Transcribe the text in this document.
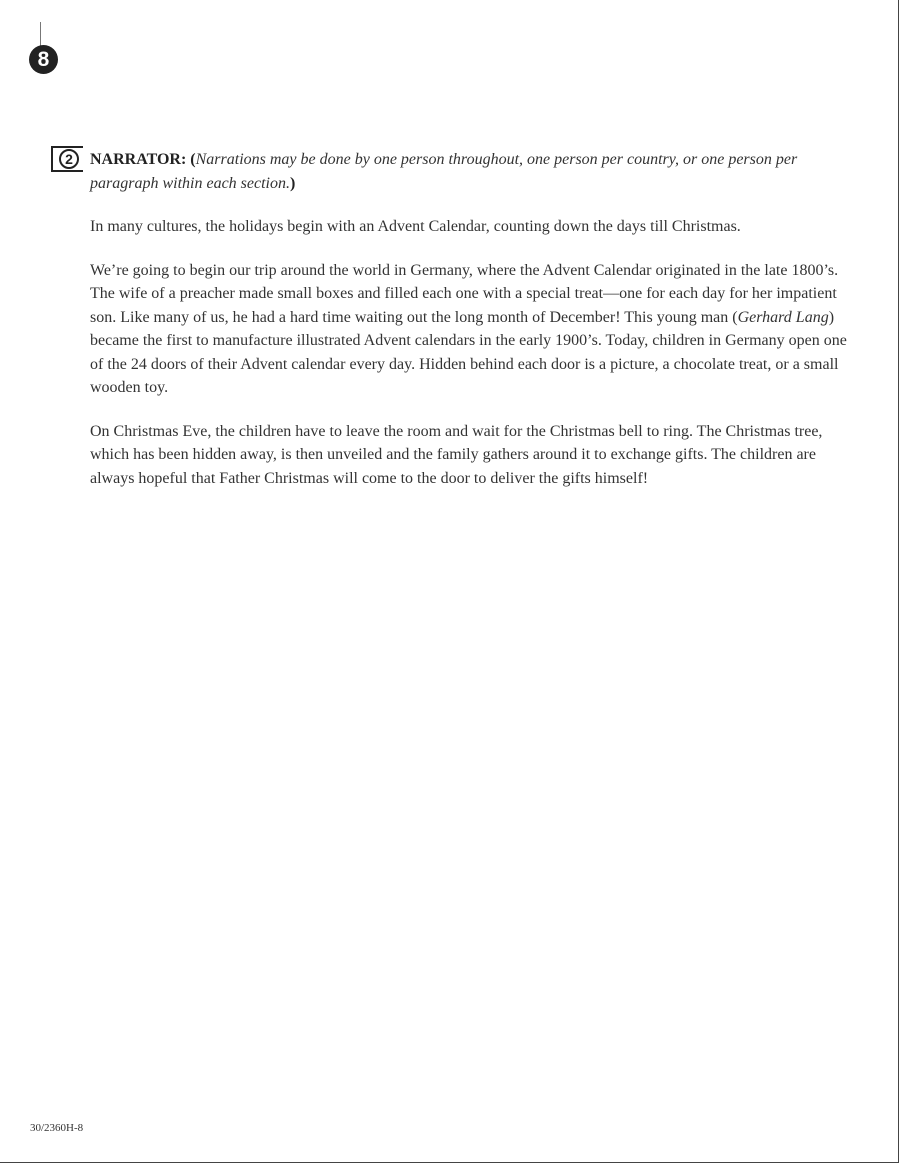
8
2	NARRATOR: (Narrations may be done by one person throughout, one person per country, or one person per paragraph within each section.)

In many cultures, the holidays begin with an Advent Calendar, counting down the days till Christmas.

We’re going to begin our trip around the world in Germany, where the Advent Calendar originated in the late 1800’s. The wife of a preacher made small boxes and filled each one with a special treat—one for each day for her impatient son. Like many of us, he had a hard time waiting out the long month of December! This young man (Gerhard Lang) became the first to manufacture illustrated Advent calendars in the early 1900’s. Today, children in Germany open one of the 24 doors of their Advent calendar every day. Hidden behind each door is a picture, a chocolate treat, or a small wooden toy.

On Christmas Eve, the children have to leave the room and wait for the Christmas bell to ring. The Christmas tree, which has been hidden away, is then unveiled and the family gathers around it to exchange gifts. The children are always hopeful that Father Christmas will come to the door to deliver the gifts himself!

30/2360H-8
